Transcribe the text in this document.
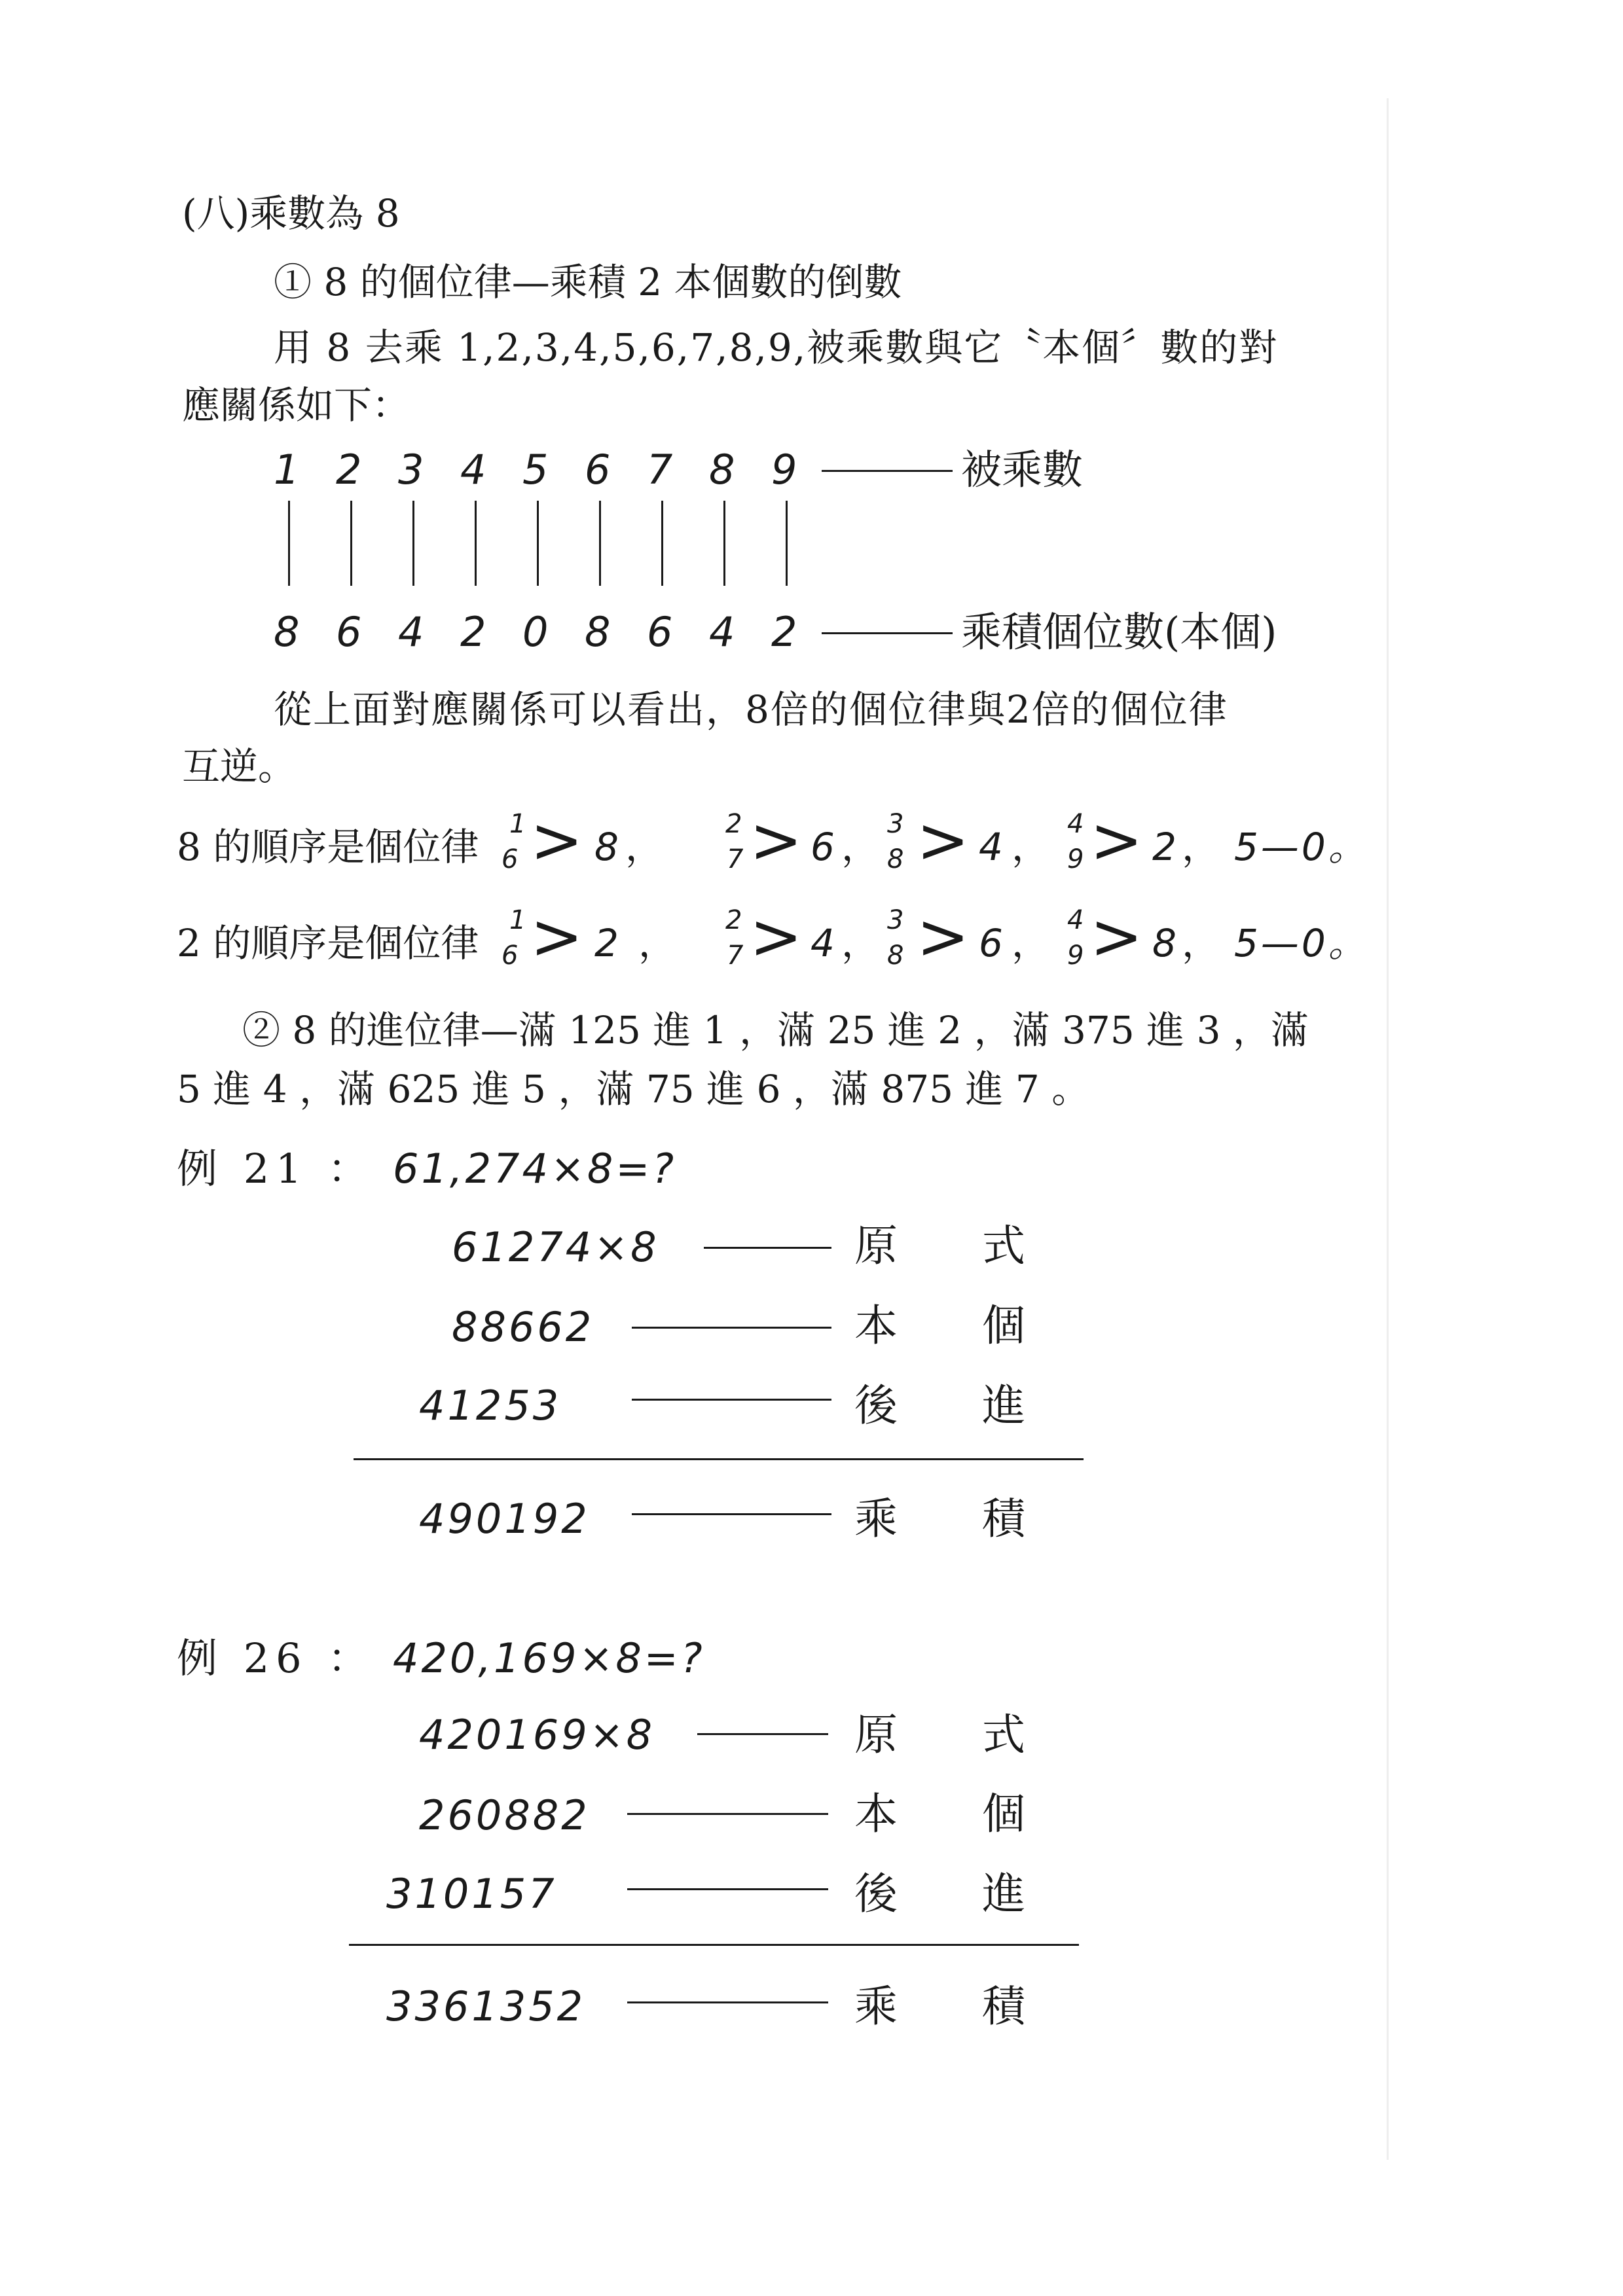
(八)乘數為 8
① 8 的個位律—乘積 2 本個數的倒數
用 8 去乘 1,2,3,4,5,6,7,8,9,被乘數與它〝本個〞數的對
應關係如下：
1 2 3 4 5 6 7 8 9	被乘數
8 6 4 2 0 8 6 4 2	乘積個位數(本個)
從上面對應關係可以看出，8倍的個位律與2倍的個位律
互逆。
8 的順序是個位律
1
6 > 8 ，
2
7 > 6 ，
3
8 > 4 ，
4
9 > 2 ， 5—0。
2 的順序是個位律
1
6 > 2 ，
2
7 > 4 ，
3
8 > 6 ，
4
9 > 8 ， 5—0。
② 8 的進位律—滿 125 進 1 ，滿 25 進 2 ，滿 375 進 3 ，滿
5 進 4 ，滿 625 進 5 ，滿 75 進 6 ，滿 875 進 7 。
例 21 ： 61,274×8=?
61274×8	原 式
88662	本 個
41253	後 進
490192	乘 積
例 26 ： 420,169×8=?
420169×8	原 式
260882	本 個
310157	後 進
3361352	乘 積
